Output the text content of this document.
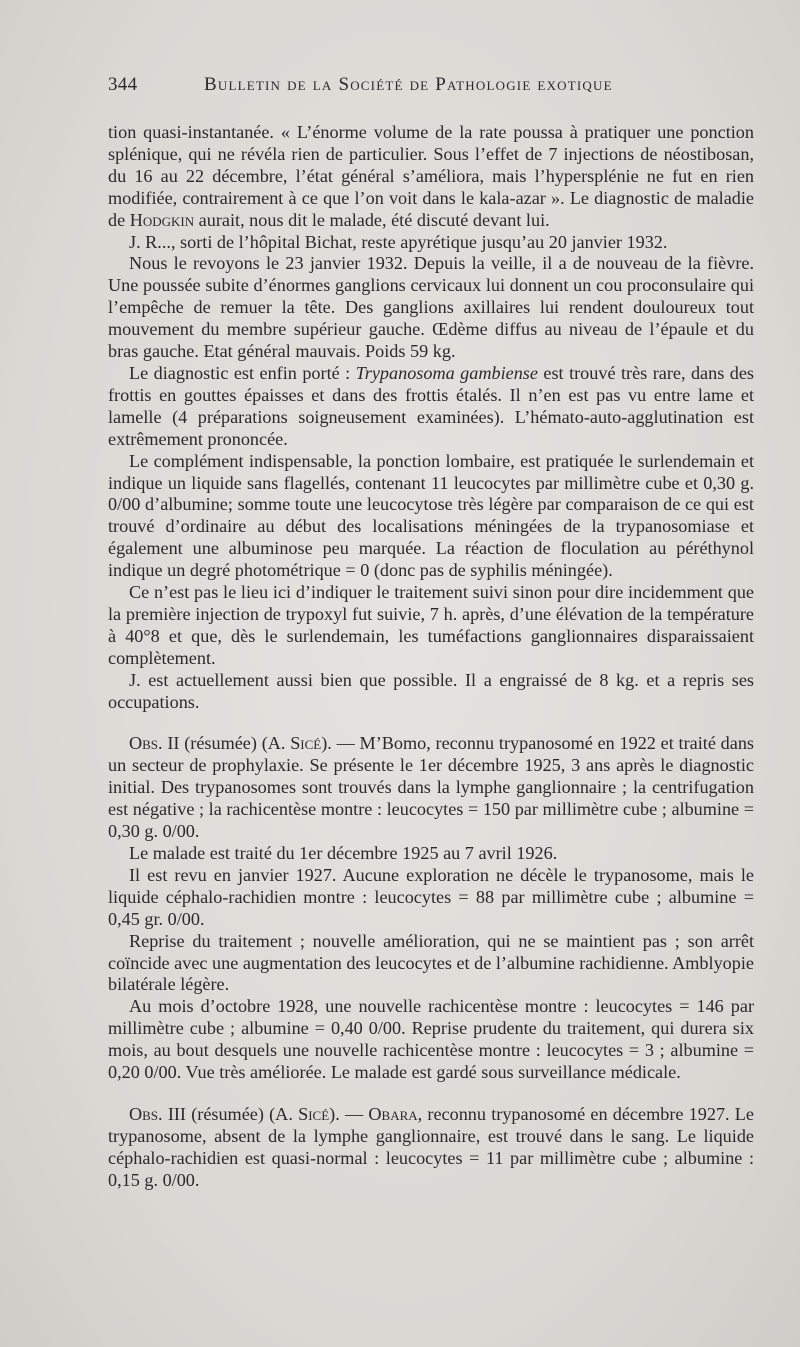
344	Bulletin de la Société de Pathologie exotique

tion quasi-instantanée. « L’énorme volume de la rate poussa à pratiquer une ponction splénique, qui ne révéla rien de particulier. Sous l’effet de 7 injections de néostibosan, du 16 au 22 décembre, l’état général s’améliora, mais l’hypersplénie ne fut en rien modifiée, contrairement à ce que l’on voit dans le kala-azar ». Le diagnostic de maladie de Hodgkin aurait, nous dit le malade, été discuté devant lui.

J. R..., sorti de l’hôpital Bichat, reste apyrétique jusqu’au 20 janvier 1932.

Nous le revoyons le 23 janvier 1932. Depuis la veille, il a de nouveau de la fièvre. Une poussée subite d’énormes ganglions cervicaux lui donnent un cou proconsulaire qui l’empêche de remuer la tête. Des ganglions axillaires lui rendent douloureux tout mouvement du membre supérieur gauche. Œdème diffus au niveau de l’épaule et du bras gauche. Etat général mauvais. Poids 59 kg.

Le diagnostic est enfin porté : Trypanosoma gambiense est trouvé très rare, dans des frottis en gouttes épaisses et dans des frottis étalés. Il n’en est pas vu entre lame et lamelle (4 préparations soigneusement examinées). L’hémato-auto-agglutination est extrêmement prononcée.

Le complément indispensable, la ponction lombaire, est pratiquée le surlendemain et indique un liquide sans flagellés, contenant 11 leucocytes par millimètre cube et 0,30 g. 0/00 d’albumine; somme toute une leucocytose très légère par comparaison de ce qui est trouvé d’ordinaire au début des localisations méningées de la trypanosomiase et également une albuminose peu marquée. La réaction de floculation au péréthynol indique un degré photométrique = 0 (donc pas de syphilis méningée).

Ce n’est pas le lieu ici d’indiquer le traitement suivi sinon pour dire incidemment que la première injection de trypoxyl fut suivie, 7 h. après, d’une élévation de la température à 40°8 et que, dès le surlendemain, les tuméfactions ganglionnaires disparaissaient complètement.

J. est actuellement aussi bien que possible. Il a engraissé de 8 kg. et a repris ses occupations.

Obs. II (résumée) (A. Sicé). — M’Bomo, reconnu trypanosomé en 1922 et traité dans un secteur de prophylaxie. Se présente le 1er décembre 1925, 3 ans après le diagnostic initial. Des trypanosomes sont trouvés dans la lymphe ganglionnaire ; la centrifugation est négative ; la rachicentèse montre : leucocytes = 150 par millimètre cube ; albumine = 0,30 g. 0/00.

Le malade est traité du 1er décembre 1925 au 7 avril 1926.

Il est revu en janvier 1927. Aucune exploration ne décèle le trypanosome, mais le liquide céphalo-rachidien montre : leucocytes = 88 par millimètre cube ; albumine = 0,45 gr. 0/00.

Reprise du traitement ; nouvelle amélioration, qui ne se maintient pas ; son arrêt coïncide avec une augmentation des leucocytes et de l’albumine rachidienne. Amblyopie bilatérale légère.

Au mois d’octobre 1928, une nouvelle rachicentèse montre : leucocytes = 146 par millimètre cube ; albumine = 0,40 0/00. Reprise prudente du traitement, qui durera six mois, au bout desquels une nouvelle rachicentèse montre : leucocytes = 3 ; albumine = 0,20 0/00. Vue très améliorée. Le malade est gardé sous surveillance médicale.

Obs. III (résumée) (A. Sicé). — Obara, reconnu trypanosomé en décembre 1927. Le trypanosome, absent de la lymphe ganglionnaire, est trouvé dans le sang. Le liquide céphalo-rachidien est quasi-normal : leucocytes = 11 par millimètre cube ; albumine : 0,15 g. 0/00.
